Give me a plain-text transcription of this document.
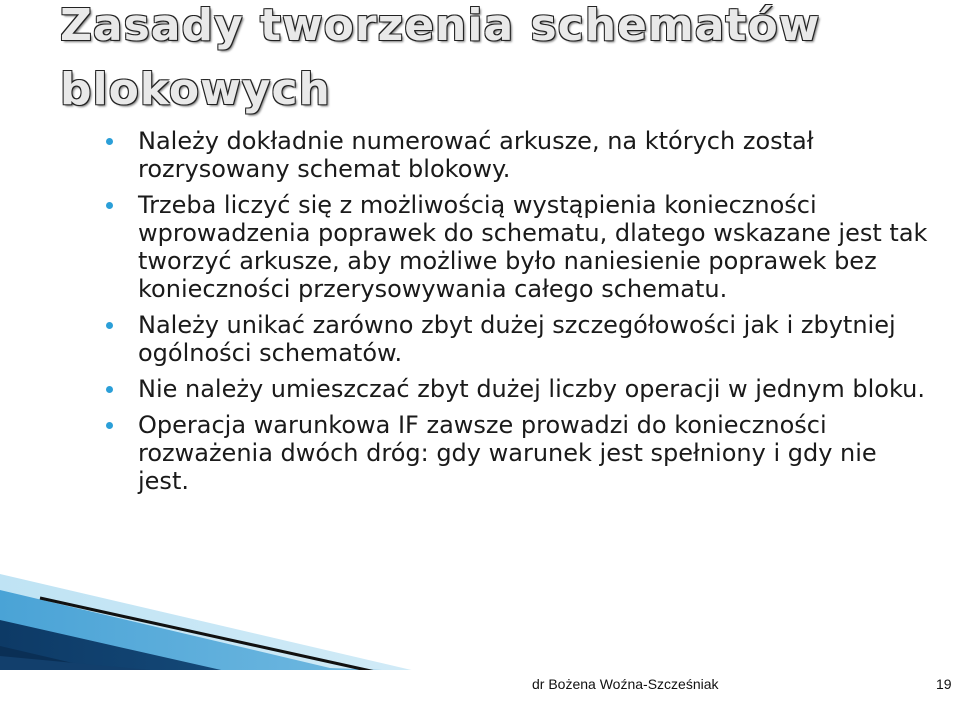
Zasady tworzenia schematów blokowych
Należy dokładnie numerować arkusze, na których został rozrysowany schemat blokowy.
Trzeba liczyć się z możliwością wystąpienia konieczności wprowadzenia poprawek do schematu, dlatego wskazane jest tak tworzyć arkusze, aby możliwe było naniesienie poprawek bez konieczności przerysowywania całego schematu.
Należy unikać zarówno zbyt dużej szczegółowości jak i zbytniej ogólności schematów.
Nie należy umieszczać zbyt dużej liczby operacji w jednym bloku.
Operacja warunkowa IF zawsze prowadzi do konieczności rozważenia dwóch dróg: gdy warunek jest spełniony i gdy nie jest.
dr Bożena Woźna-Szcześniak	19
